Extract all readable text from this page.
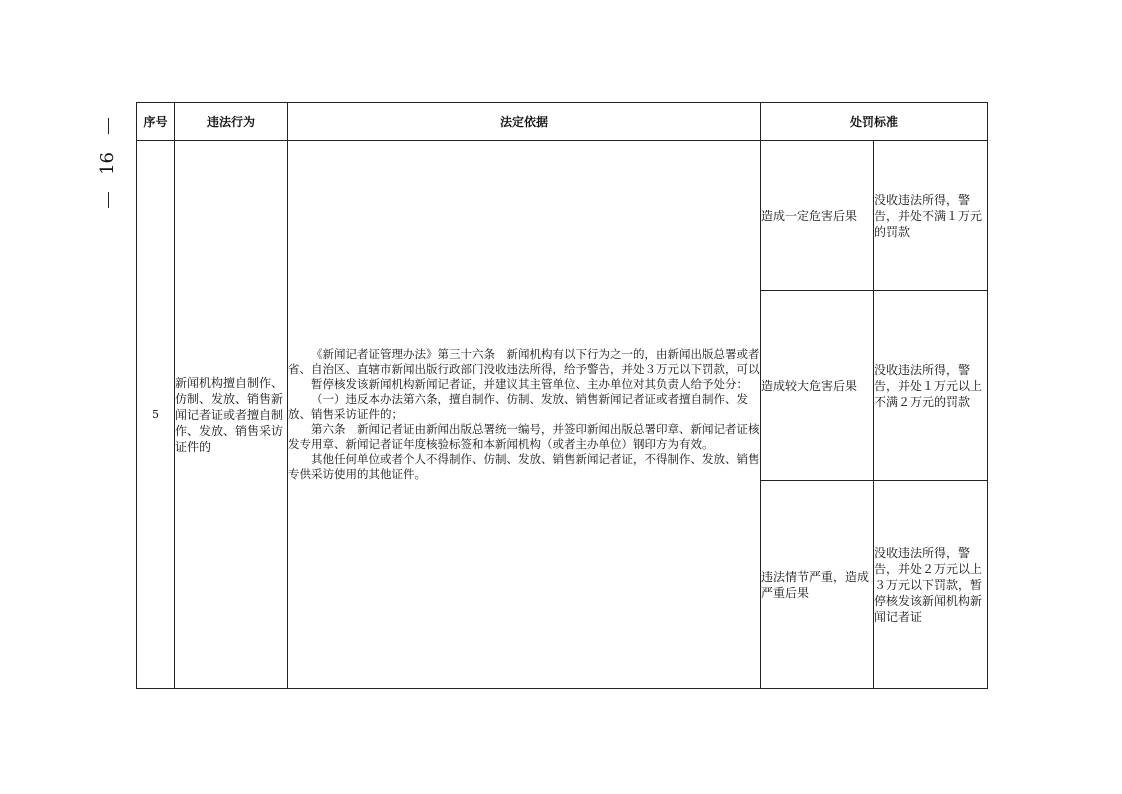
16
序号	违法行为	法定依据	处罚标准	
5	新闻机构擅自制作、仿制、发放、销售新闻记者证或者擅自制作、发放、销售采访证件的	《新闻记者证管理办法》第三十六条　新闻机构有以下行为之一的，由新闻出版总署或者省、自治区、直辖市新闻出版行政部门没收违法所得，给予警告，并处３万元以下罚款，可以

暂停核发该新闻机构新闻记者证，并建议其主管单位、主办单位对其负责人给予处分：

（一）违反本办法第六条，擅自制作、仿制、发放、销售新闻记者证或者擅自制作、发放、销售采访证件的；

第六条　新闻记者证由新闻出版总署统一编号，并签印新闻出版总署印章、新闻记者证核发专用章、新闻记者证年度核验标签和本新闻机构（或者主办单位）钢印方为有效。

其他任何单位或者个人不得制作、仿制、发放、销售新闻记者证，不得制作、发放、销售专供采访使用的其他证件。	造成一定危害后果	没收违法所得，警告，并处不满１万元的罚款
			造成较大危害后果	没收违法所得，警告，并处１万元以上不满２万元的罚款
			违法情节严重，造成严重后果	没收违法所得，警告，并处２万元以上３万元以下罚款，暂停核发该新闻机构新闻记者证
